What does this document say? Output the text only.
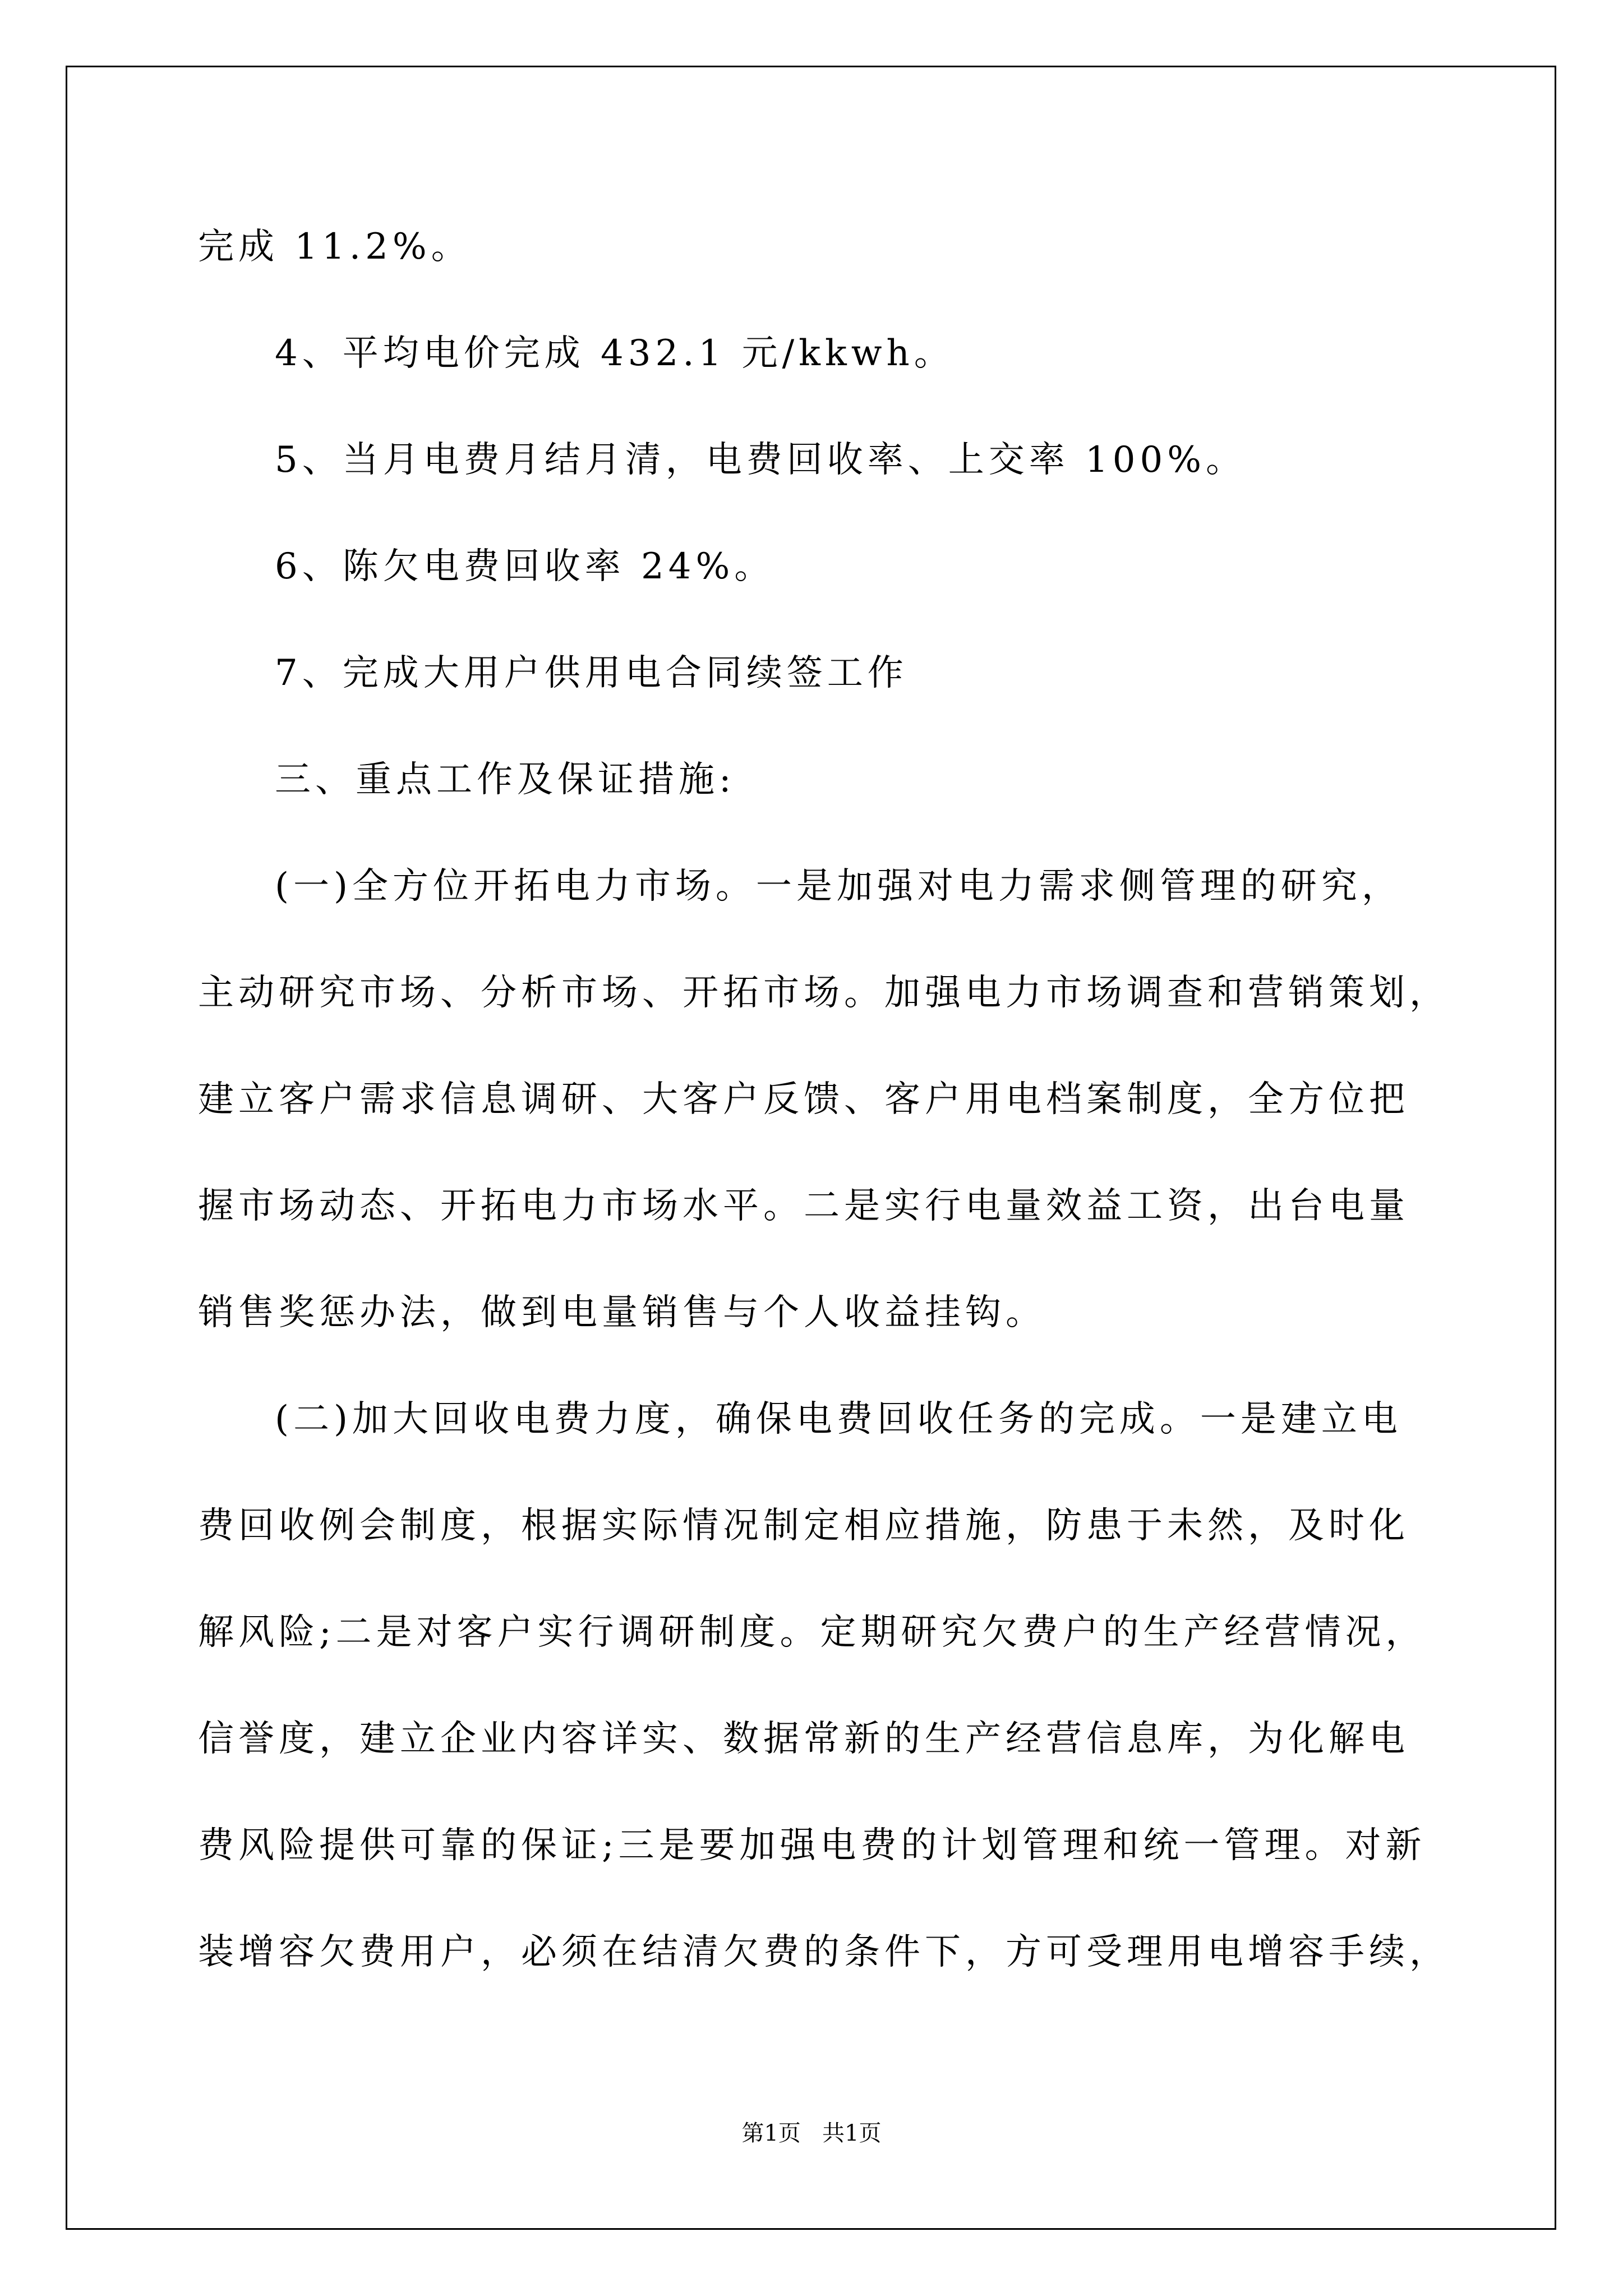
完成 11.2%。
4、平均电价完成 432.1 元/kkwh。
5、当月电费月结月清，电费回收率、上交率 100%。
6、陈欠电费回收率 24%。
7、完成大用户供用电合同续签工作
三、重点工作及保证措施:
(一)全方位开拓电力市场。一是加强对电力需求侧管理的研究，
主动研究市场、分析市场、开拓市场。加强电力市场调查和营销策划，
建立客户需求信息调研、大客户反馈、客户用电档案制度，全方位把
握市场动态、开拓电力市场水平。二是实行电量效益工资，出台电量
销售奖惩办法，做到电量销售与个人收益挂钩。
(二)加大回收电费力度，确保电费回收任务的完成。一是建立电
费回收例会制度，根据实际情况制定相应措施，防患于未然，及时化
解风险;二是对客户实行调研制度。定期研究欠费户的生产经营情况，
信誉度，建立企业内容详实、数据常新的生产经营信息库，为化解电
费风险提供可靠的保证;三是要加强电费的计划管理和统一管理。对新
装增容欠费用户，必须在结清欠费的条件下，方可受理用电增容手续，
第1页   共1页
